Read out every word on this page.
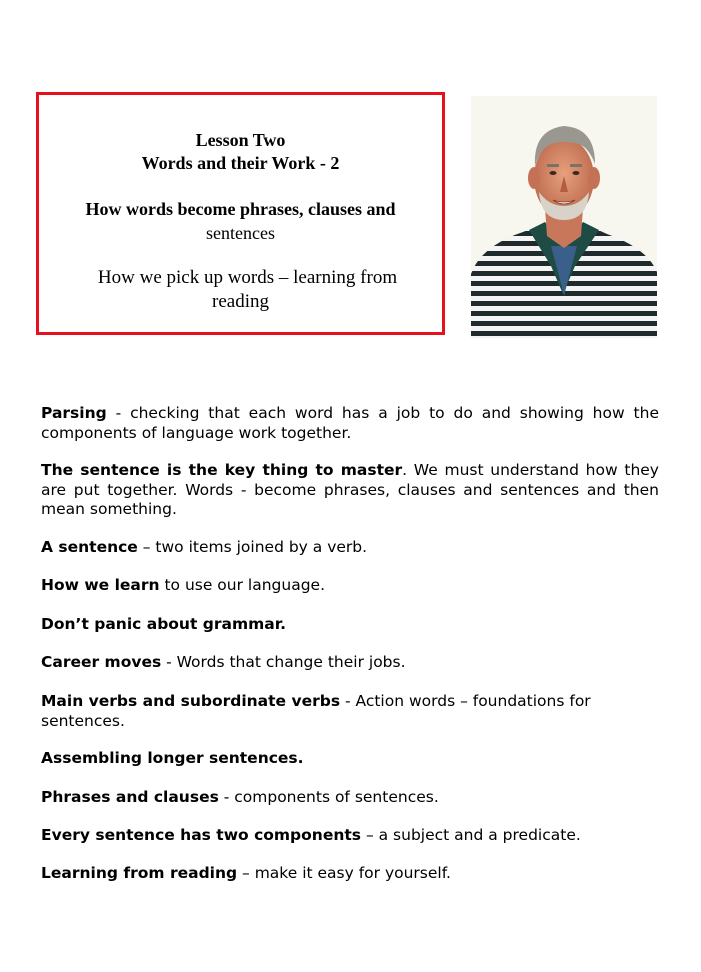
Lesson Two
Words and their Work - 2
How words become phrases, clauses and
sentences
How we pick up words – learning from
reading

Parsing - checking that each word has a job to do and showing how the components of language work together.

The sentence is the key thing to master. We must understand how they are put together. Words - become phrases, clauses and sentences and then mean something.

A sentence – two items joined by a verb.

How we learn to use our language.

Don’t panic about grammar.

Career moves - Words that change their jobs.

Main verbs and subordinate verbs - Action words – foundations for sentences.

Assembling longer sentences.

Phrases and clauses - components of sentences.

Every sentence has two components – a subject and a predicate.

Learning from reading – make it easy for yourself.
